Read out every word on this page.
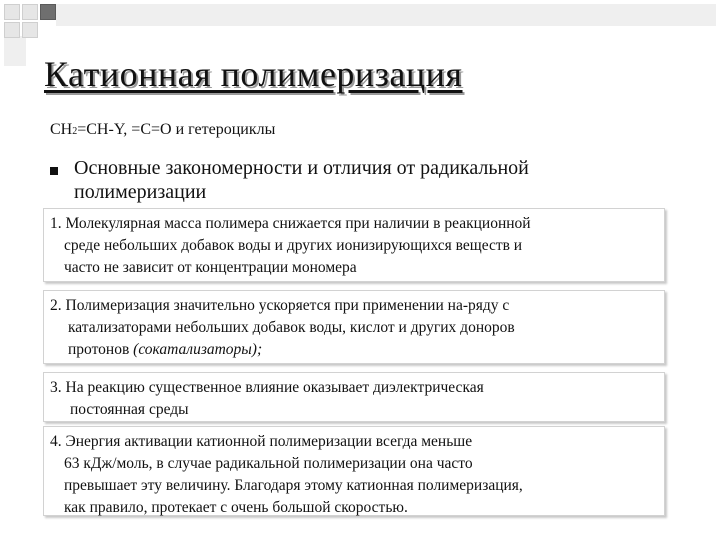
Катионная полимеризация
CH2=CH-Y, =C=O и гетероциклы
Основные закономерности и отличия от радикальной
полимеризации
1. Молекулярная масса полимера снижается при наличии в реакционной
среде небольших добавок воды и других ионизирующихся веществ и
часто не зависит от концентрации мономера
2. Полимеризация значительно ускоряется при применении на-ряду с
катализаторами небольших добавок воды, кислот и других доноров
протонов (сокатализаторы);
3. На реакцию существенное влияние оказывает диэлектрическая
постоянная среды
4. Энергия активации катионной полимеризации всегда меньше
63 кДж/моль, в случае радикальной полимеризации она часто
превышает эту величину. Благодаря этому катионная полимеризация,
как правило, протекает с очень большой скоростью.
